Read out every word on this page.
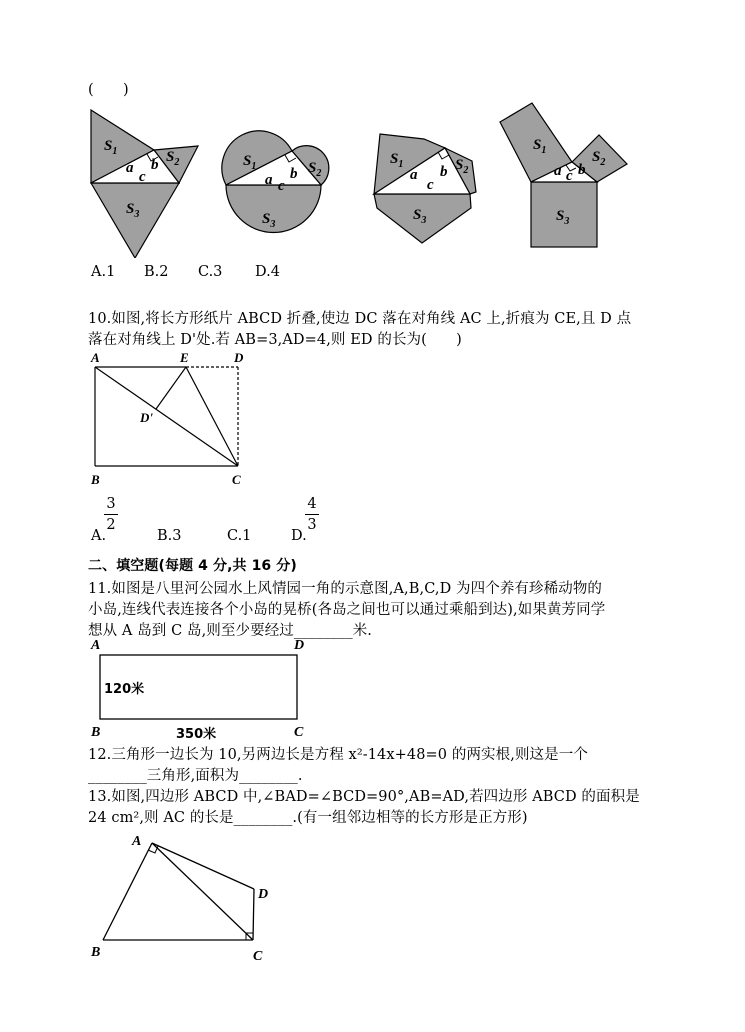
(　　)
$S_1$	$S_2$
$S_3$
a b
c
$S_1$	$S_2$
$S_3$
a b
c
$S_1$	$S_2$
$S_3$
a b
c
$S_1$	$S_2$
$S_3$
a b
c
A.1 B.2 C.3 D.4
10.如图,将长方形纸片 ABCD 折叠,使边 DC 落在对角线 AC 上,折痕为 CE,且 D 点
落在对角线上 D'处.若 AB=3,AD=4,则 ED 的长为(　　)
A	E	D
D'
B	C
A.
3
2
B.3	C.1	D.
4
3
二、填空题(每题 4 分,共 16 分)
11.如图是八里河公园水上风情园一角的示意图,A,B,C,D 为四个养有珍稀动物的
小岛,连线代表连接各个小岛的晃桥(各岛之间也可以通过乘船到达),如果黄芳同学
想从 A 岛到 C 岛,则至少要经过________米.
A	D
B	C
120米
350米
12.三角形一边长为 10,另两边长是方程 x²-14x+48=0 的两实根,则这是一个
________三角形,面积为________.
13.如图,四边形 ABCD 中,∠BAD=∠BCD=90°,AB=AD,若四边形 ABCD 的面积是
24 cm²,则 AC 的长是________.(有一组邻边相等的长方形是正方形)
A
D
B	C
